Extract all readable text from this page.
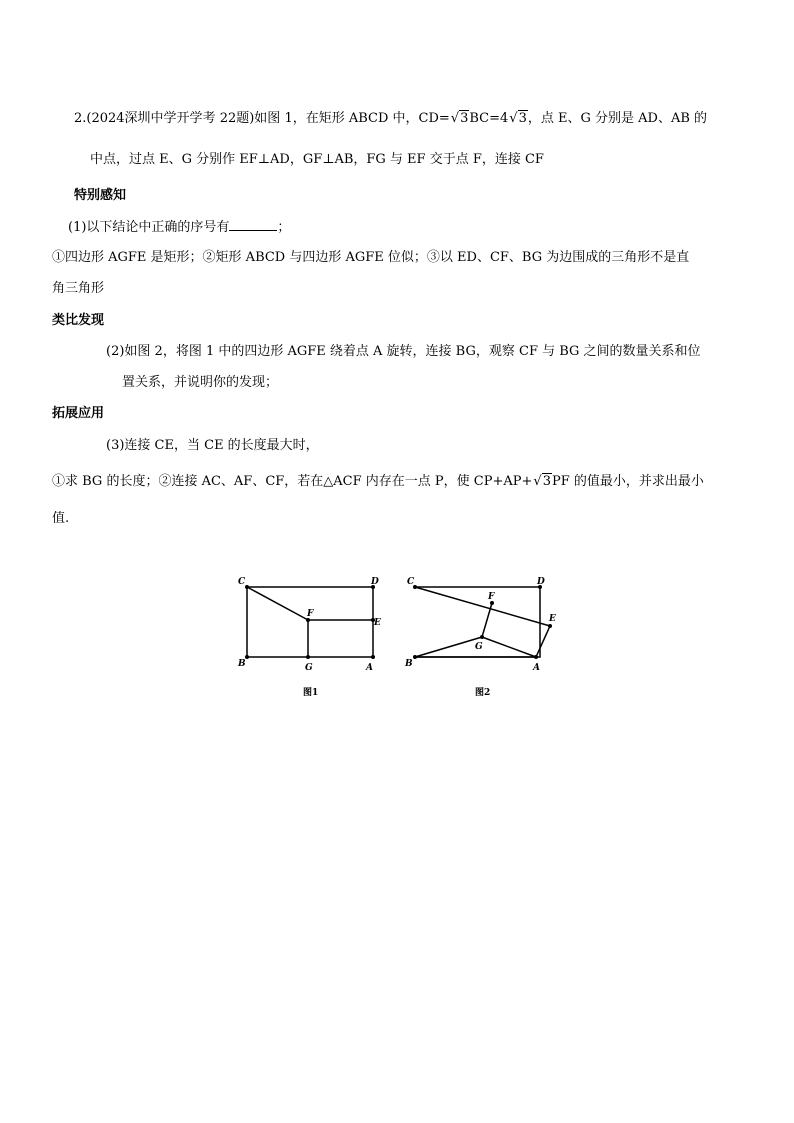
2.(2024深圳中学开学考 22题)如图 1，在矩形 ABCD 中，CD=√3BC=4√3，点 E、G 分别是 AD、AB 的
中点，过点 E、G 分别作 EF⊥AD，GF⊥AB，FG 与 EF 交于点 F，连接 CF
特别感知
(1)以下结论中正确的序号有	；
①四边形 AGFE 是矩形；②矩形 ABCD 与四边形 AGFE 位似；③以 ED、CF、BG 为边围成的三角形不是直
角三角形
类比发现
(2)如图 2，将图 1 中的四边形 AGFE 绕着点 A 旋转，连接 BG，观察 CF 与 BG 之间的数量关系和位
置关系，并说明你的发现；
拓展应用
(3)连接 CE，当 CE 的长度最大时，
①求 BG 的长度；②连接 AC、AF、CF，若在△ACF 内存在一点 P，使 CP+AP+√3PF 的值最小，并求出最小
值.
C	D
F
E
B	G	A
图1
C	D
F
E
G
B	A
图2
